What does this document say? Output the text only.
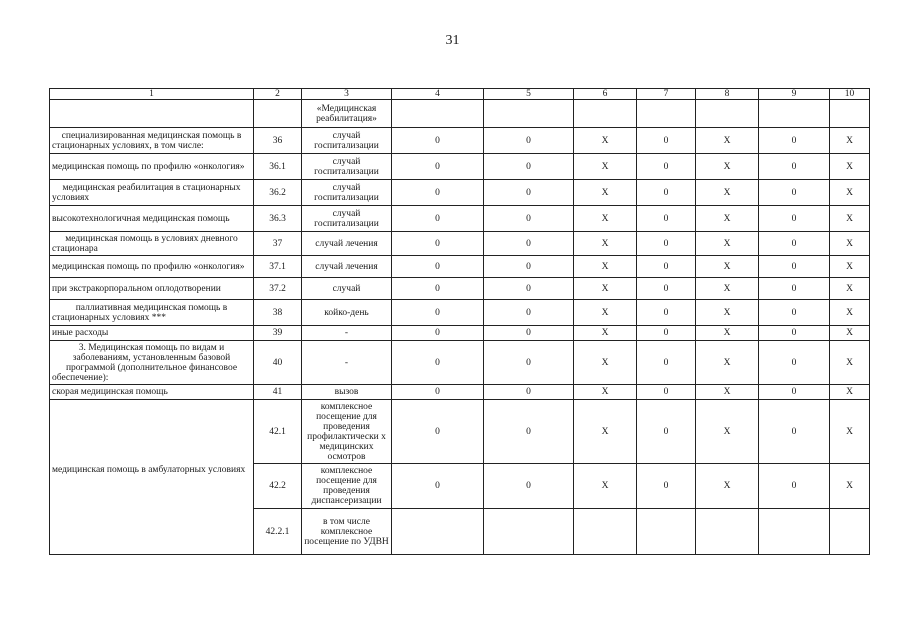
31
1	2	3	4	5	6	7	8	9	10
		«Медицинская реабилитация»							
специализированная медицинская помощь в стационарных условиях, в том числе:	36	случай госпитализации	0	0	Х	0	Х	0	Х
медицинская помощь по профилю «онкология»	36.1	случай госпитализации	0	0	Х	0	Х	0	Х
медицинская реабилитация в стационарных условиях	36.2	случай госпитализации	0	0	Х	0	Х	0	Х
высокотехнологичная медицинская помощь	36.3	случай госпитализации	0	0	Х	0	Х	0	Х
медицинская помощь в условиях дневного стационара	37	случай лечения	0	0	Х	0	Х	0	Х
медицинская помощь по профилю «онкология»	37.1	случай лечения	0	0	Х	0	Х	0	Х
при экстракорпоральном оплодотворении	37.2	случай	0	0	Х	0	Х	0	Х
паллиативная медицинская помощь в стационарных условиях ***	38	койко-день	0	0	Х	0	Х	0	Х
иные расходы	39	-	0	0	Х	0	Х	0	Х
3. Медицинская помощь по видам и заболеваниям, установленным базовой программой (дополнительное финансовое обеспечение):	40	-	0	0	Х	0	Х	0	Х
скорая медицинская помощь	41	вызов	0	0	Х	0	Х	0	Х

медицинская помощь в амбулаторных условиях	42.1	комплексное посещение для проведения профилактически х медицинских осмотров	0	0	Х	0	Х	0	Х
	42.2	комплексное посещение для проведения диспансеризации	0	0	Х	0	Х	0	Х
	42.2.1	в том числе комплексное посещение по УДВН							
